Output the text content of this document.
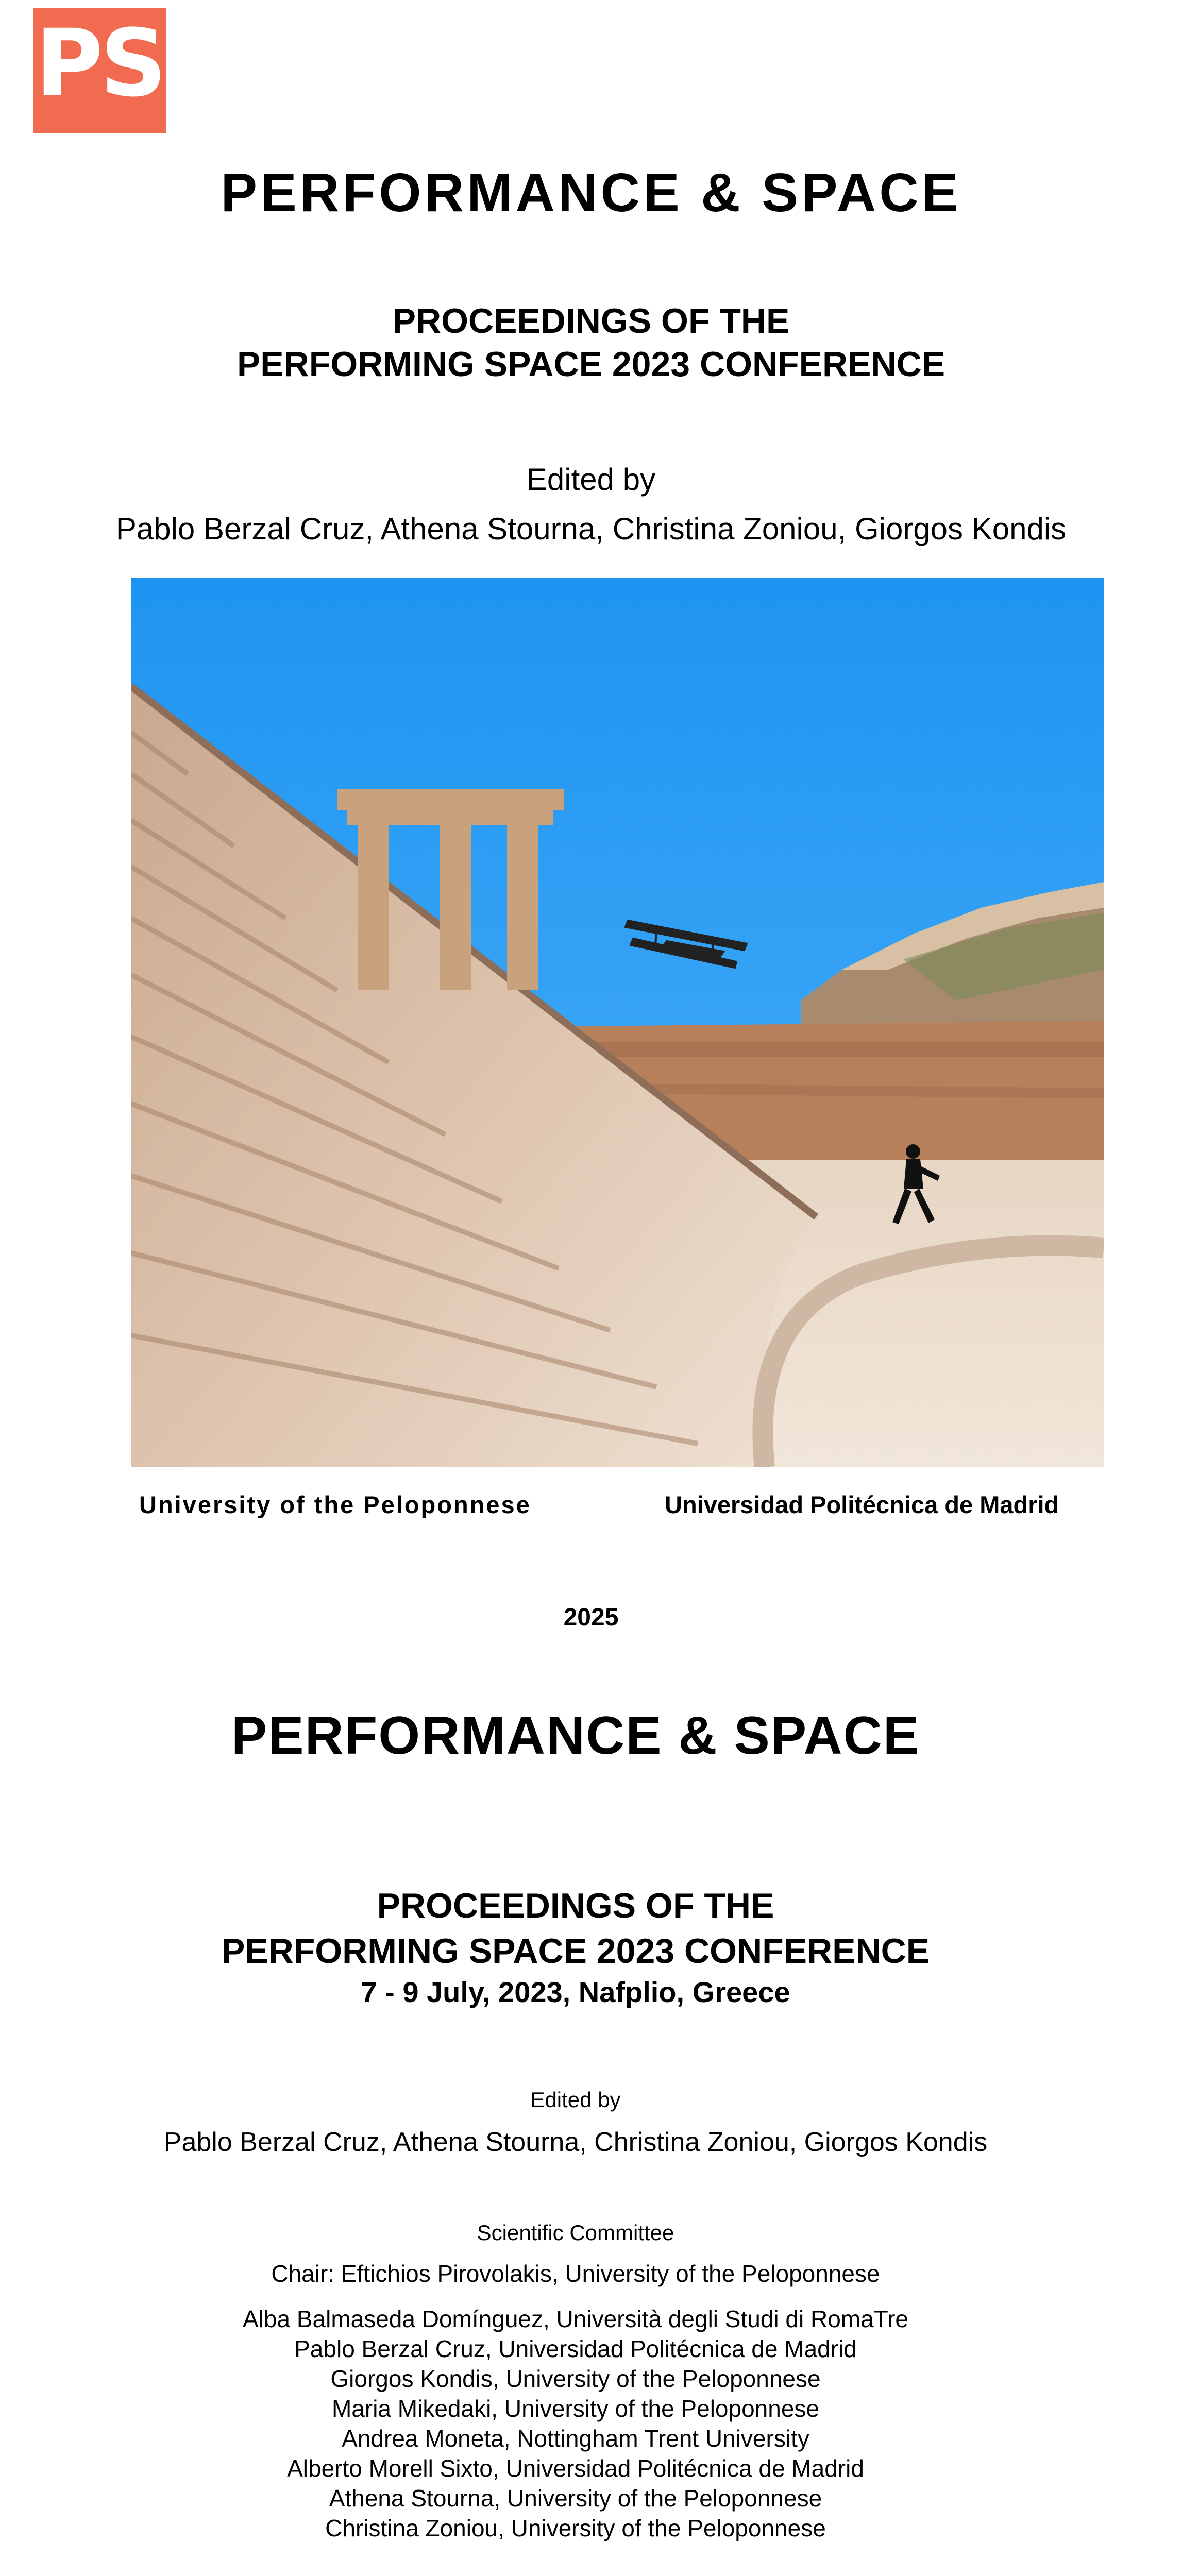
PS
PERFORMANCE & SPACE
PROCEEDINGS OF THE
PERFORMING SPACE 2023 CONFERENCE
Edited by
Pablo Berzal Cruz, Athena Stourna, Christina Zoniou, Giorgos Kondis
University of the Peloponnese	Universidad Politécnica de Madrid
2025
PERFORMANCE & SPACE
PROCEEDINGS OF THE
PERFORMING SPACE 2023 CONFERENCE
7 - 9 July, 2023, Nafplio, Greece
Edited by
Pablo Berzal Cruz, Athena Stourna, Christina Zoniou, Giorgos Kondis
Scientific Committee
Chair: Eftichios Pirovolakis, University of the Peloponnese
Alba Balmaseda Domínguez, Università degli Studi di RomaTre
Pablo Berzal Cruz, Universidad Politécnica de Madrid
Giorgos Kondis, University of the Peloponnese
Maria Mikedaki, University of the Peloponnese
Andrea Moneta, Nottingham Trent University
Alberto Morell Sixto, Universidad Politécnica de Madrid
Athena Stourna, University of the Peloponnese
Christina Zoniou, University of the Peloponnese
